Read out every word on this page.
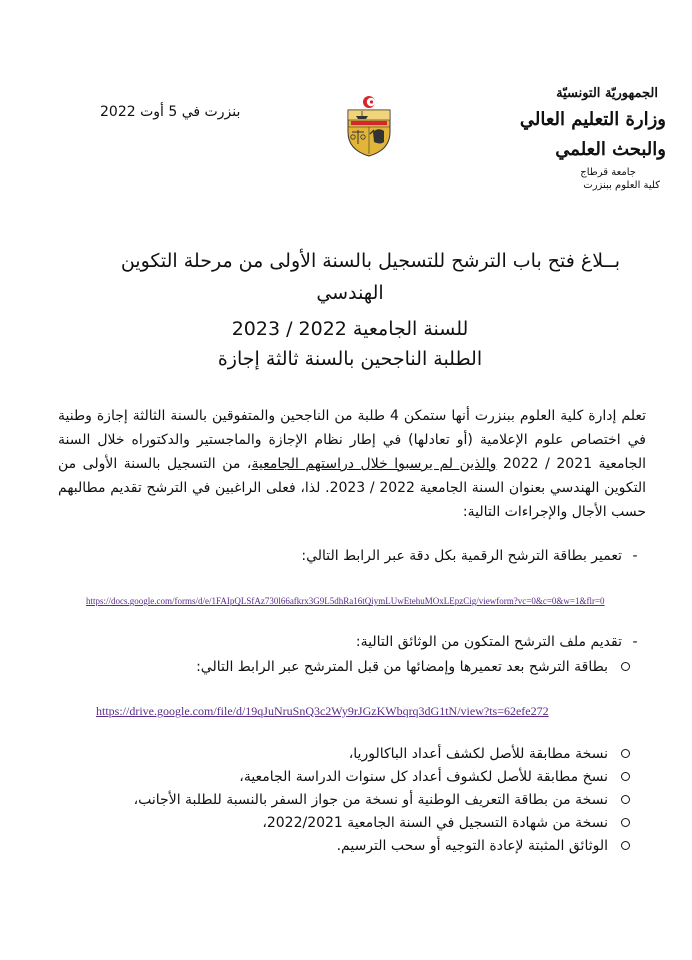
بنزرت في 5 أوت 2022
الجمهوريّة التونسيّة
وزارة التعليم العالي
والبحث العلمي
جامعة قرطاج
كلية العلوم ببنزرت
بــلاغ فتح باب الترشح للتسجيل بالسنة الأولى من مرحلة التكوين
الهندسي
للسنة الجامعية 2022 / 2023
الطلبة الناجحين بالسنة ثالثة إجازة
تعلم إدارة كلية العلوم ببنزرت أنها ستمكن 4 طلبة من الناجحين والمتفوقين بالسنة الثالثة إجازة وطنية في اختصاص علوم الإعلامية (أو تعادلها) في إطار نظام الإجازة والماجستير والدكتوراه خلال السنة الجامعية 2021 / 2022 والذين لم يرسبوا خلال دراستهم الجامعية، من التسجيل بالسنة الأولى من التكوين الهندسي بعنوان السنة الجامعية 2022 / 2023. لذا، فعلى الراغبين في الترشح تقديم مطالبهم حسب الأجال والإجراءات التالية:
-تعمير بطاقة الترشح الرقمية بكل دقة عبر الرابط التالي:
https://docs.google.com/forms/d/e/1FAIpQLSfAz730l66afkrx3G9L5dhRa16tQiymLUwEtehuMOxLEpzCig/viewform?vc=0&c=0&w=1&flr=0
-تقديم ملف الترشح المتكون من الوثائق التالية:
بطاقة الترشح بعد تعميرها وإمضائها من قبل المترشح عبر الرابط التالي:
https://drive.google.com/file/d/19qJuNruSnQ3c2Wy9rJGzKWbqrq3dG1tN/view?ts=62efe272
نسخة مطابقة للأصل لكشف أعداد الباكالوريا،
نسخ مطابقة للأصل لكشوف أعداد كل سنوات الدراسة الجامعية،
نسخة من بطاقة التعريف الوطنية أو نسخة من جواز السفر بالنسبة للطلبة الأجانب،
نسخة من شهادة التسجيل في السنة الجامعية 2022/2021،
الوثائق المثبتة لإعادة التوجيه أو سحب الترسيم.
